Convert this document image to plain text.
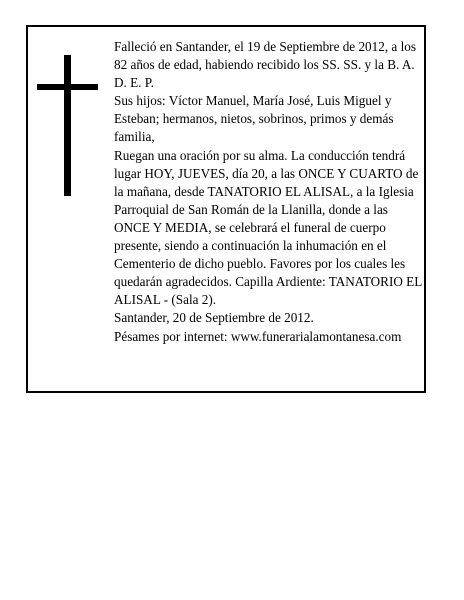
Falleció en Santander, el 19 de Septiembre de 2012, a los 82 años de edad, habiendo recibido los SS. SS. y la B. A.

D. E. P.

Sus hijos: Víctor Manuel, María José, Luis Miguel y Esteban; hermanos, nietos, sobrinos, primos y demás familia,

Ruegan una oración por su alma. La conducción tendrá lugar HOY, JUEVES, día 20, a las ONCE Y CUARTO de la mañana, desde TANATORIO EL ALISAL, a la Iglesia Parroquial de San Román de la Llanilla, donde a las ONCE Y MEDIA, se celebrará el funeral de cuerpo presente, siendo a continuación la inhumación en el Cementerio de dicho pueblo. Favores por los cuales les quedarán agradecidos. Capilla Ardiente: TANATORIO EL ALISAL - (Sala 2).

Santander, 20 de Septiembre de 2012.

Pésames por internet: www.funerarialamontanesa.com
